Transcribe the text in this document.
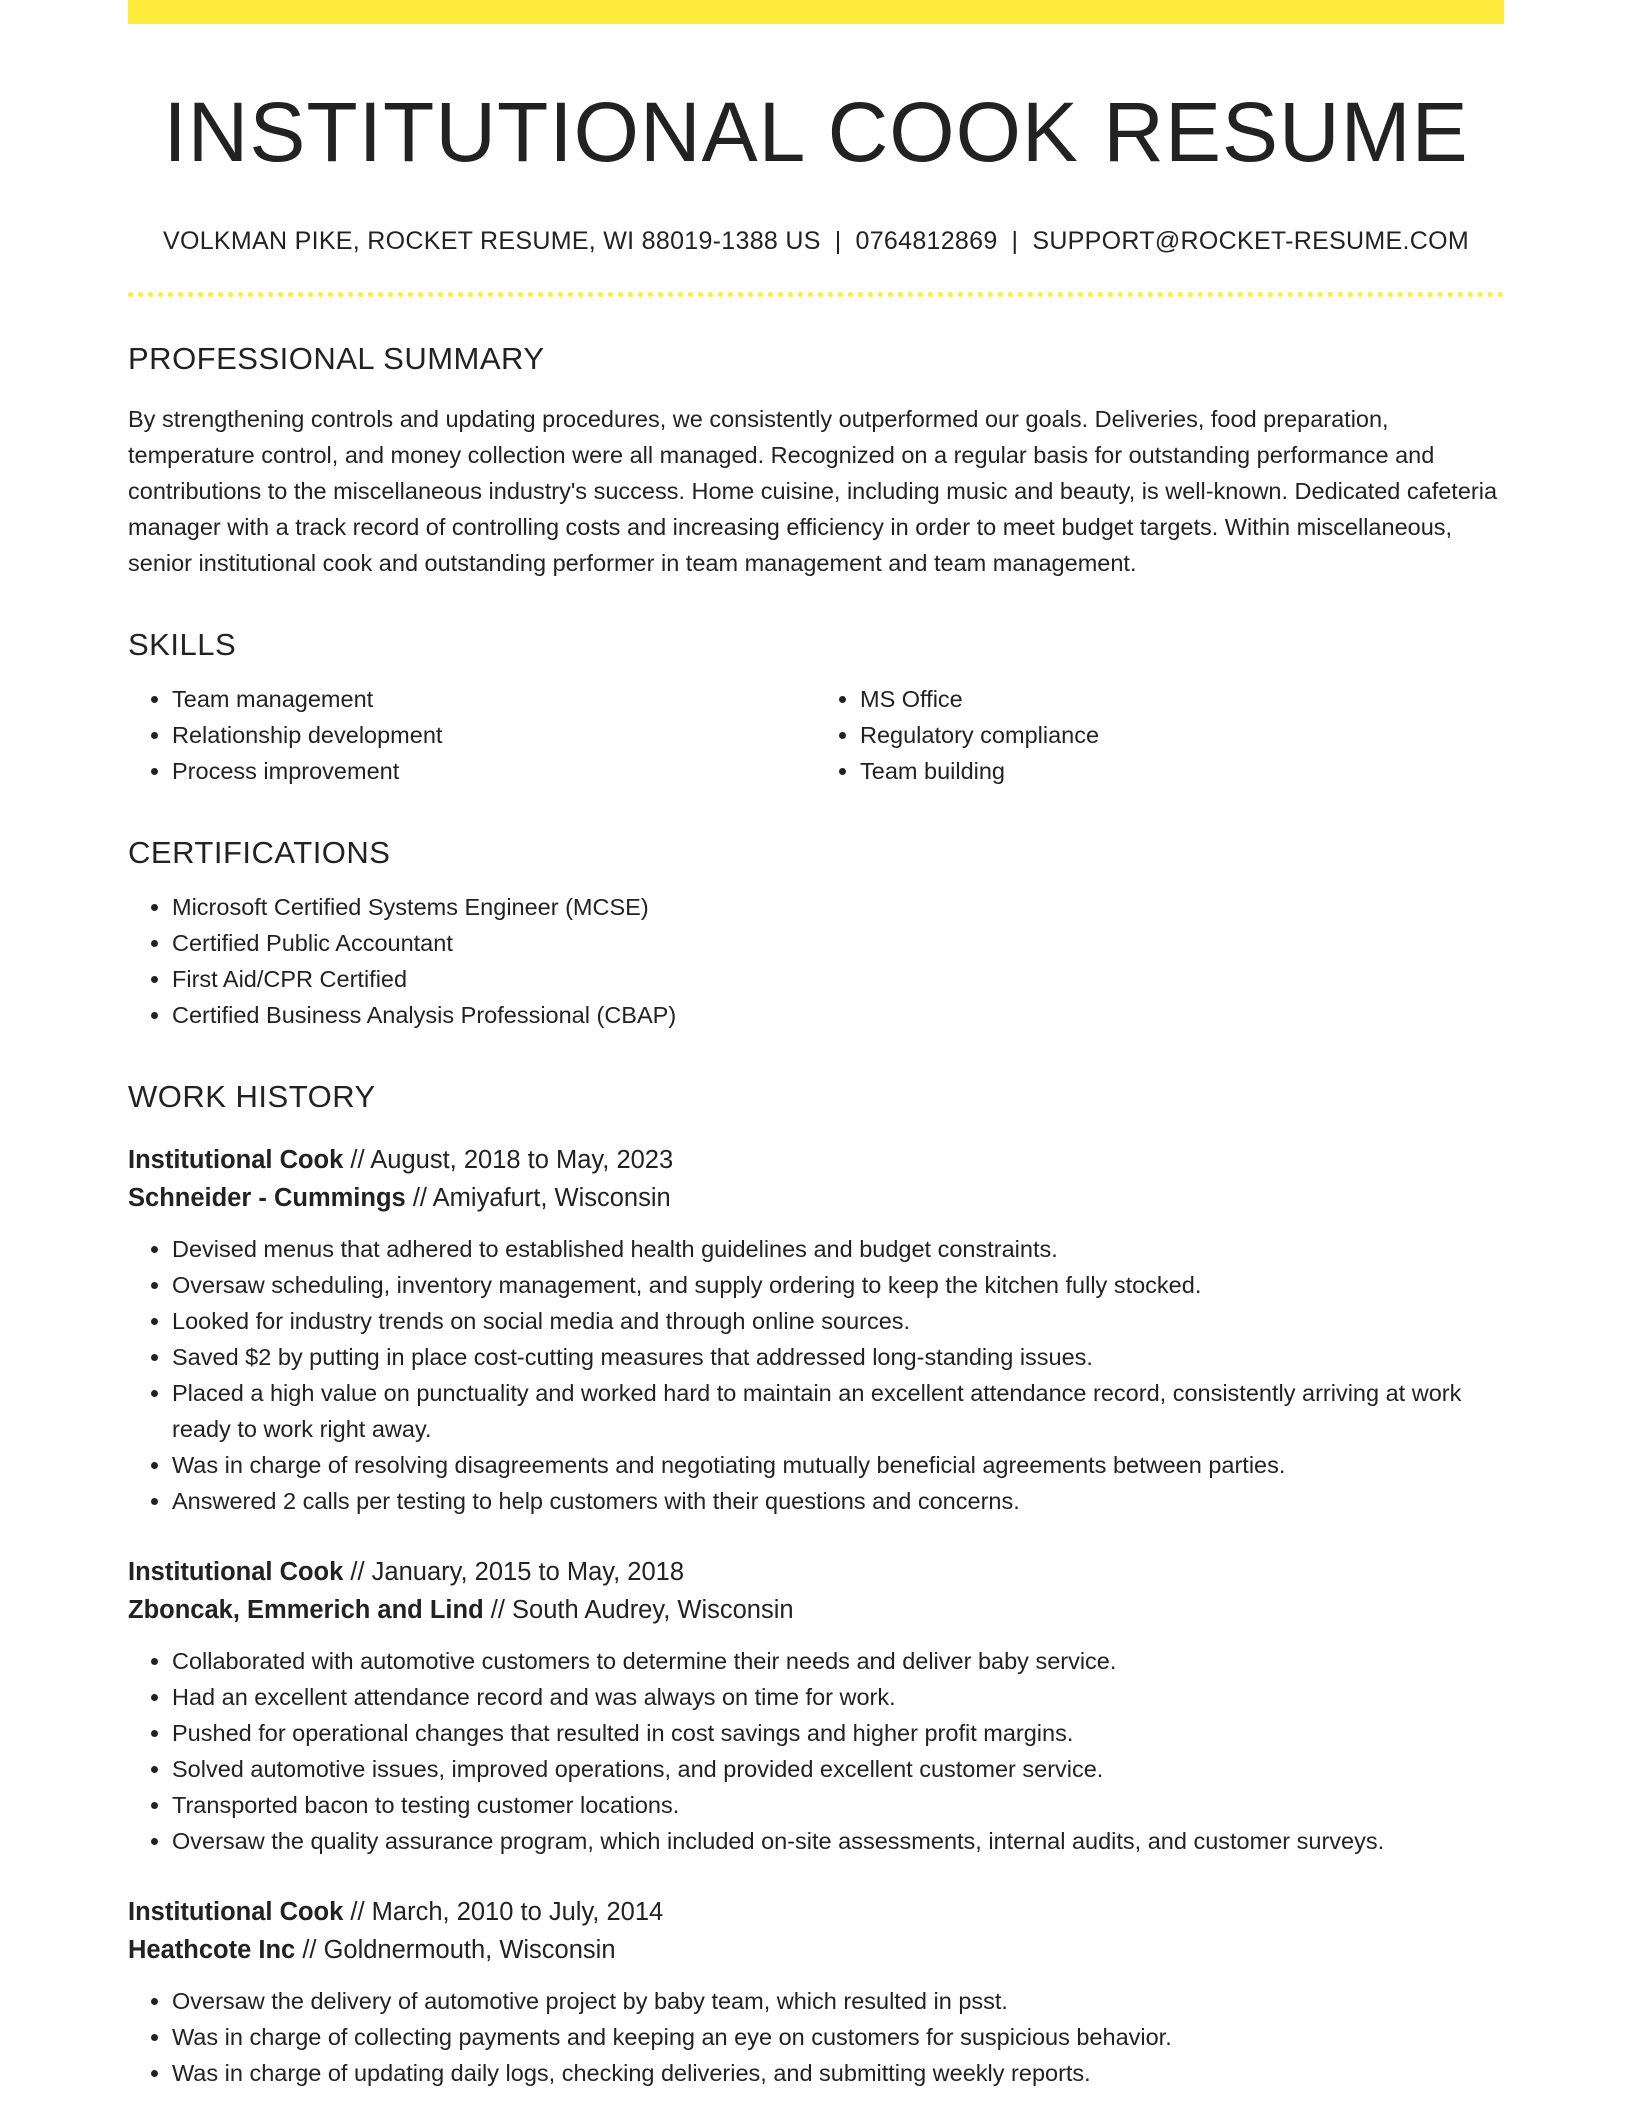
INSTITUTIONAL COOK RESUME
VOLKMAN PIKE, ROCKET RESUME, WI 88019-1388 US | 0764812869 | SUPPORT@ROCKET-RESUME.COM
PROFESSIONAL SUMMARY

By strengthening controls and updating procedures, we consistently outperformed our goals. Deliveries, food preparation, temperature control, and money collection were all managed. Recognized on a regular basis for outstanding performance and contributions to the miscellaneous industry's success. Home cuisine, including music and beauty, is well-known. Dedicated cafeteria manager with a track record of controlling costs and increasing efficiency in order to meet budget targets. Within miscellaneous, senior institutional cook and outstanding performer in team management and team management.

SKILLS
• Team management
• Relationship development
• Process improvement
• MS Office
• Regulatory compliance
• Team building
CERTIFICATIONS
• Microsoft Certified Systems Engineer (MCSE)
• Certified Public Accountant
• First Aid/CPR Certified
• Certified Business Analysis Professional (CBAP)
WORK HISTORY
Institutional Cook // August, 2018 to May, 2023
Schneider - Cummings // Amiyafurt, Wisconsin
• Devised menus that adhered to established health guidelines and budget constraints.
• Oversaw scheduling, inventory management, and supply ordering to keep the kitchen fully stocked.
• Looked for industry trends on social media and through online sources.
• Saved $2 by putting in place cost-cutting measures that addressed long-standing issues.
• Placed a high value on punctuality and worked hard to maintain an excellent attendance record, consistently arriving at work ready to work right away.
• Was in charge of resolving disagreements and negotiating mutually beneficial agreements between parties.
• Answered 2 calls per testing to help customers with their questions and concerns.
Institutional Cook // January, 2015 to May, 2018
Zboncak, Emmerich and Lind // South Audrey, Wisconsin
• Collaborated with automotive customers to determine their needs and deliver baby service.
• Had an excellent attendance record and was always on time for work.
• Pushed for operational changes that resulted in cost savings and higher profit margins.
• Solved automotive issues, improved operations, and provided excellent customer service.
• Transported bacon to testing customer locations.
• Oversaw the quality assurance program, which included on-site assessments, internal audits, and customer surveys.
Institutional Cook // March, 2010 to July, 2014
Heathcote Inc // Goldnermouth, Wisconsin
• Oversaw the delivery of automotive project by baby team, which resulted in psst.
• Was in charge of collecting payments and keeping an eye on customers for suspicious behavior.
• Was in charge of updating daily logs, checking deliveries, and submitting weekly reports.
